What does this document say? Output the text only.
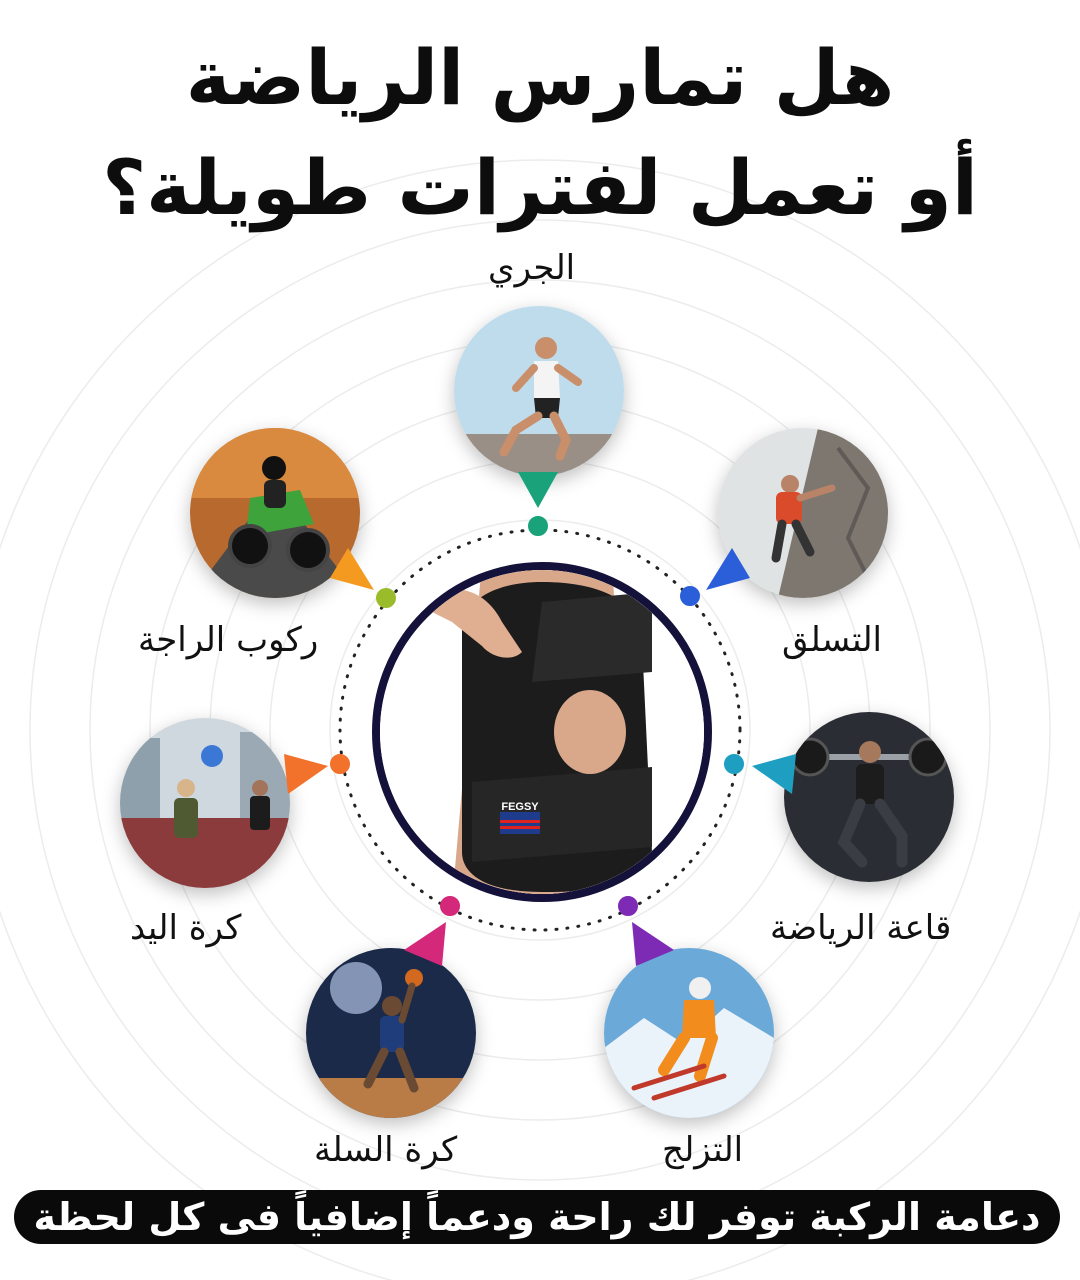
هل تمارس الرياضة
أو تعمل لفترات طويلة؟
الجري
التسلق
قاعة الرياضة
التزلج
كرة السلة
كرة اليد
ركوب الراجة
FEGSY
دعامة الركبة توفر لك راحة ودعماً إضافياً فى كل لحظة
